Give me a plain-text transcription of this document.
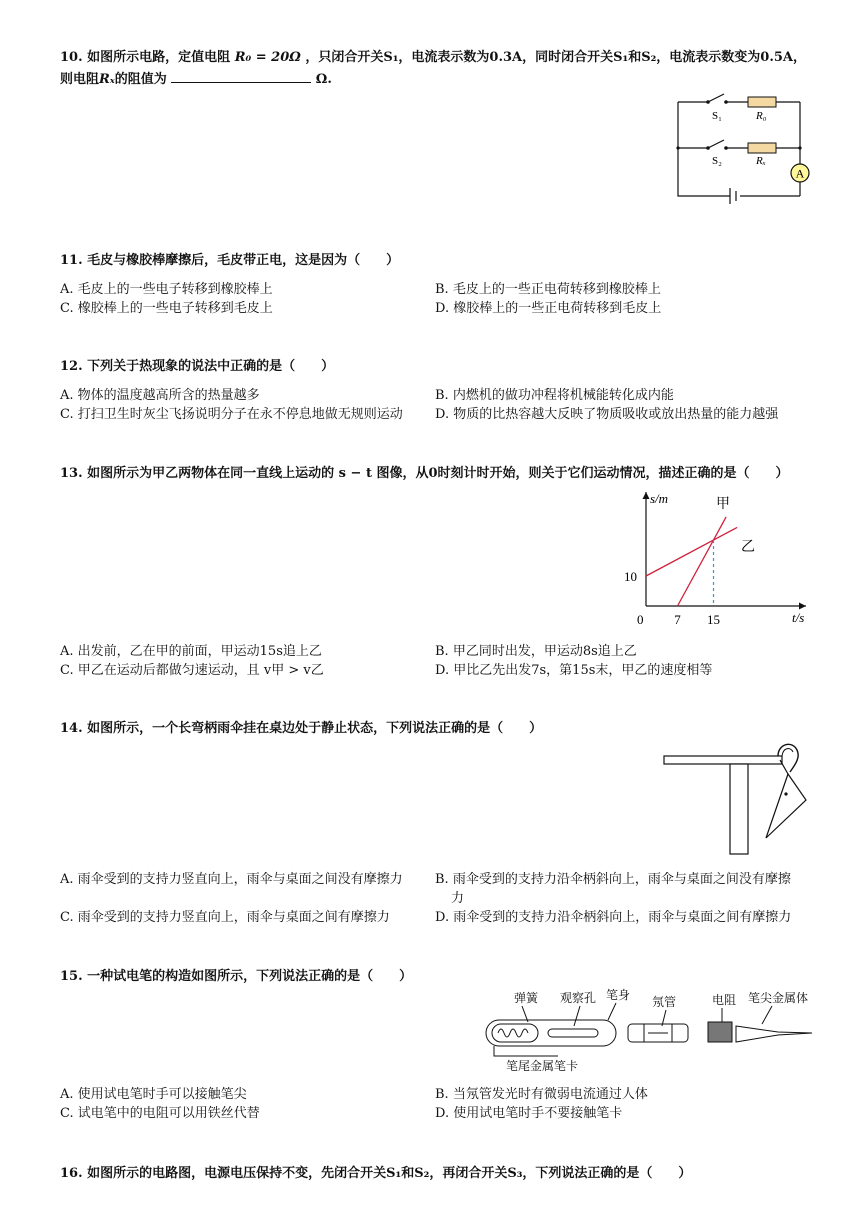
10. 如图所示电路，定值电阻 R₀ = 20Ω ，只闭合开关S₁，电流表示数为0.3A，同时闭合开关S₁和S₂，电流表示数变为0.5A，
则电阻Rₓ的阻值为	Ω.
A
S₁	R₀
S₂	Rₓ
11. 毛皮与橡胶棒摩擦后，毛皮带正电，这是因为（　　）
A. 毛皮上的一些电子转移到橡胶棒上	B. 毛皮上的一些正电荷转移到橡胶棒上
C. 橡胶棒上的一些电子转移到毛皮上	D. 橡胶棒上的一些正电荷转移到毛皮上
12. 下列关于热现象的说法中正确的是（　　）
A. 物体的温度越高所含的热量越多	B. 内燃机的做功冲程将机械能转化成内能
C. 打扫卫生时灰尘飞扬说明分子在永不停息地做无规则运动 D. 物质的比热容越大反映了物质吸收或放出热量的能力越强
13. 如图所示为甲乙两物体在同一直线上运动的 s − t 图像，从0时刻计时开始，则关于它们运动情况，描述正确的是（　　）
s/m
t/s
0
10
7 15
甲
乙
A. 出发前，乙在甲的前面，甲运动15s追上乙	B. 甲乙同时出发，甲运动8s追上乙
C. 甲乙在运动后都做匀速运动，且 v甲 > v乙	D. 甲比乙先出发7s，第15s末，甲乙的速度相等
14. 如图所示，一个长弯柄雨伞挂在桌边处于静止状态，下列说法正确的是（　　）
A. 雨伞受到的支持力竖直向上，雨伞与桌面之间没有摩擦力 B. 雨伞受到的支持力沿伞柄斜向上，雨伞与桌面之间没有摩擦
力
C. 雨伞受到的支持力竖直向上，雨伞与桌面之间有摩擦力	D. 雨伞受到的支持力沿伞柄斜向上，雨伞与桌面之间有摩擦力
15. 一种试电笔的构造如图所示，下列说法正确的是（　　）
弹簧 观察孔 笔身 氖管	电阻 笔尖金属体
笔尾金属笔卡
A. 使用试电笔时手可以接触笔尖	B. 当氖管发光时有微弱电流通过人体
C. 试电笔中的电阻可以用铁丝代替	D. 使用试电笔时手不要接触笔卡
16. 如图所示的电路图，电源电压保持不变，先闭合开关S₁和S₂，再闭合开关S₃，下列说法正确的是（　　）
